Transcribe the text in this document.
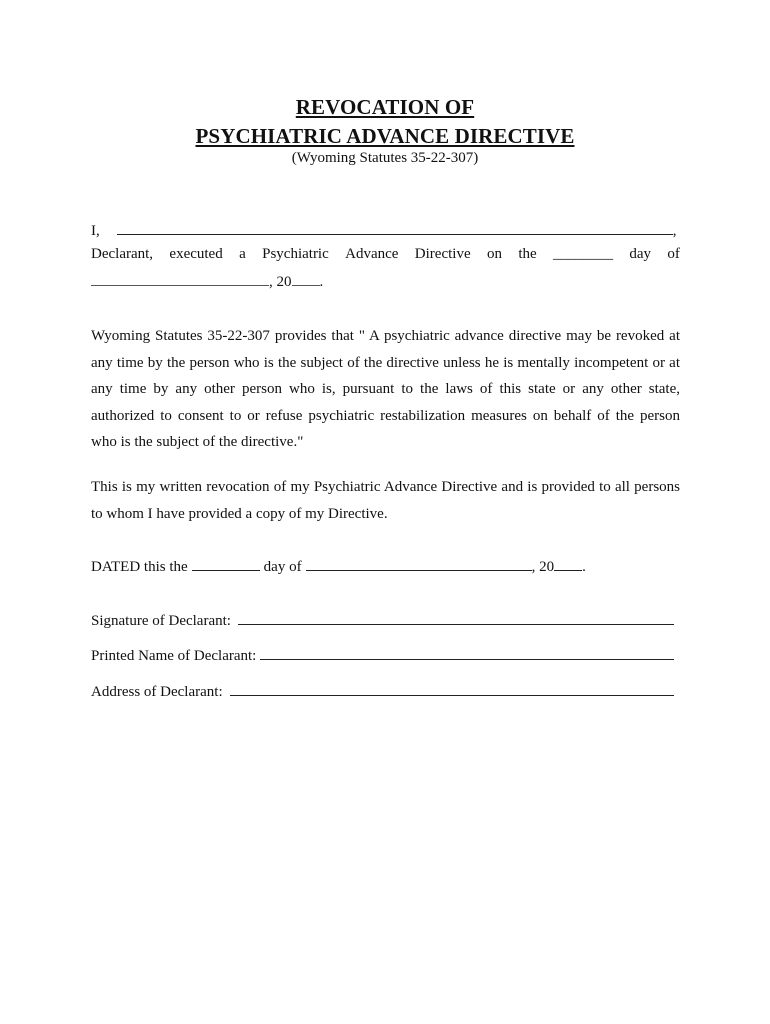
REVOCATION OF
PSYCHIATRIC ADVANCE DIRECTIVE
(Wyoming Statutes 35-22-307)
I,	,
Declarant, executed a Psychiatric Advance Directive on the ________ day of
, 20 .
Wyoming Statutes 35-22-307 provides that " A psychiatric advance directive may be revoked at
any time by the person who is the subject of the directive unless he is mentally incompetent or at
any time by any other person who is, pursuant to the laws of this state or any other state,
authorized to consent to or refuse psychiatric restabilization measures on behalf of the person
who is the subject of the directive."
This is my written revocation of my Psychiatric Advance Directive and is provided to all persons
to whom I have provided a copy of my Directive.
DATED this the	day of	, 20 .
Signature of Declarant:
Printed Name of Declarant:
Address of Declarant:
